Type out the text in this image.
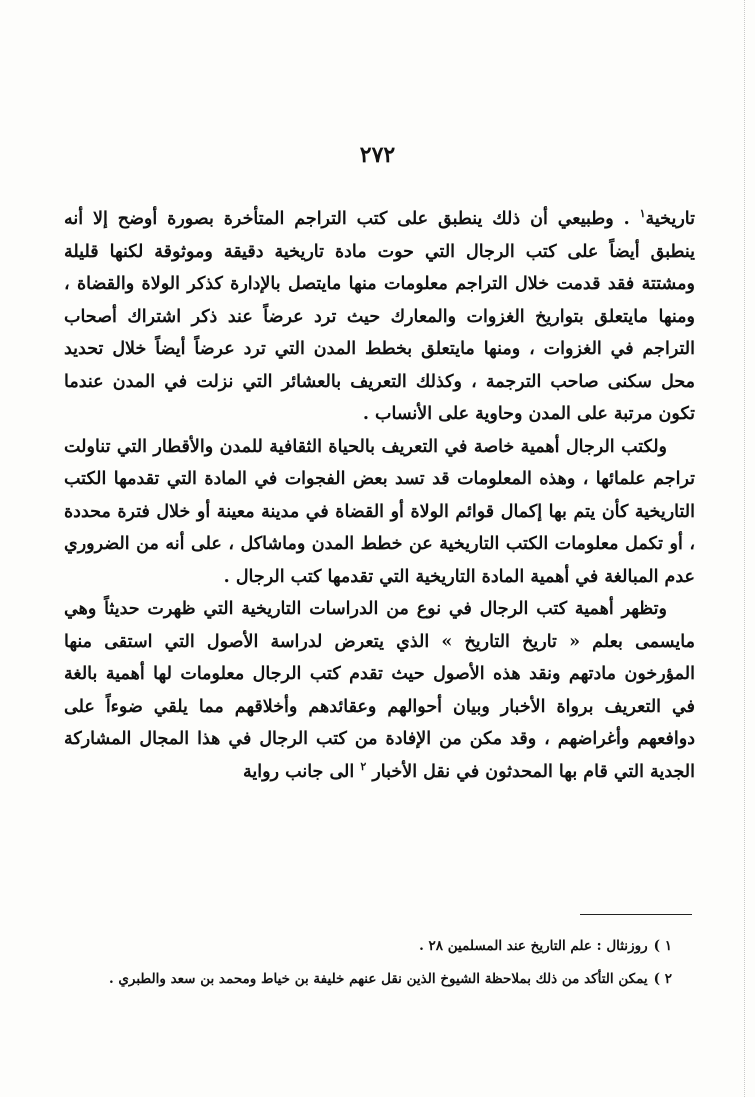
٢٧٢

تاريخية$^١$ . وطبيعي أن ذلك ينطبق على كتب التراجم المتأخرة بصورة أوضح إلا أنه ينطبق أيضاً على كتب الرجال التي حوت مادة تاريخية دقيقة وموثوقة لكنها قليلة ومشتتة فقد قدمت خلال التراجم معلومات منها مايتصل بالإدارة كذكر الولاة والقضاة ، ومنها مايتعلق بتواريخ الغزوات والمعارك حيث ترد عرضاً عند ذكر اشتراك أصحاب التراجم في الغزوات ، ومنها مايتعلق بخطط المدن التي ترد عرضاً أيضاً خلال تحديد محل سكنى صاحب الترجمة ، وكذلك التعريف بالعشائر التي نزلت في المدن عندما تكون مرتبة على المدن وحاوية على الأنساب .

ولكتب الرجال أهمية خاصة في التعريف بالحياة الثقافية للمدن والأقطار التي تناولت تراجم علمائها ، وهذه المعلومات قد تسد بعض الفجوات في المادة التي تقدمها الكتب التاريخية كأن يتم بها إكمال قوائم الولاة أو القضاة في مدينة معينة أو خلال فترة محددة ، أو تكمل معلومات الكتب التاريخية عن خطط المدن وماشاكل ، على أنه من الضروري عدم المبالغة في أهمية المادة التاريخية التي تقدمها كتب الرجال .

وتظهر أهمية كتب الرجال في نوع من الدراسات التاريخية التي ظهرت حديثاً وهي مايسمى بعلم « تاريخ التاريخ » الذي يتعرض لدراسة الأصول التي استقى منها المؤرخون مادتهم ونقد هذه الأصول حيث تقدم كتب الرجال معلومات لها أهمية بالغة في التعريف برواة الأخبار وبيان أحوالهم وعقائدهم وأخلاقهم مما يلقي ضوءاً على دوافعهم وأغراضهم ، وقد مكن من الإفادة من كتب الرجال في هذا المجال المشاركة الجدية التي قام بها المحدثون في نقل الأخبار $^٢$ الى جانب رواية

١ )روزنثال : علم التاريخ عند المسلمين ٢٨ .

٢ )يمكن التأكد من ذلك بملاحظة الشيوخ الذين نقل عنهم خليفة بن خياط ومحمد بن سعد والطبري .
